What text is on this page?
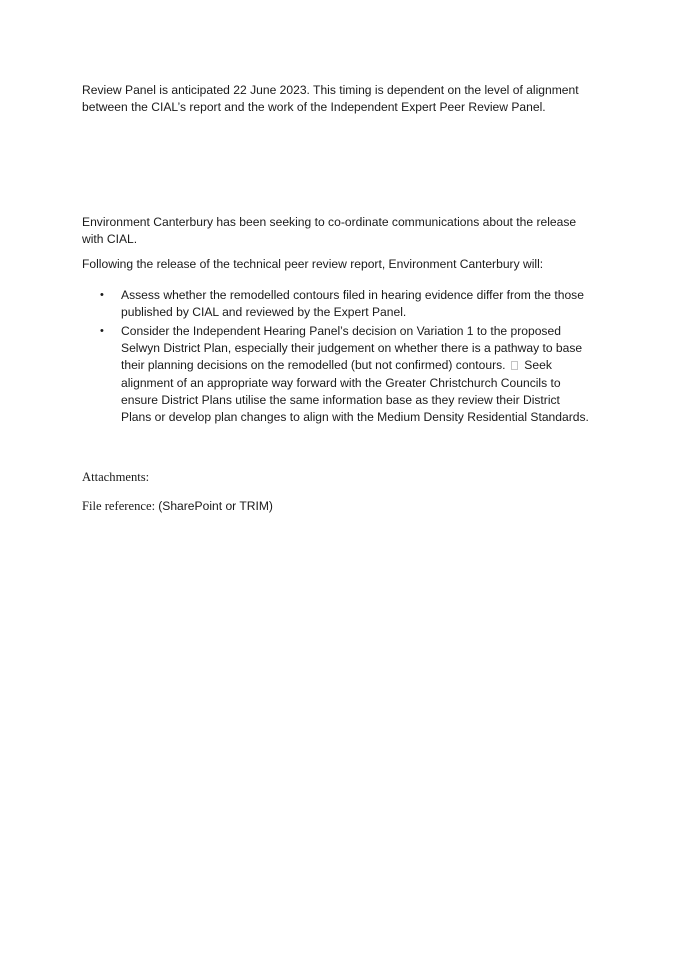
Review Panel is anticipated 22 June 2023. This timing is dependent on the level of alignment between the CIAL’s report and the work of the Independent Expert Peer Review Panel.

Environment Canterbury has been seeking to co-ordinate communications about the release with CIAL.

Following the release of the technical peer review report, Environment Canterbury will:

• Assess whether the remodelled contours filed in hearing evidence differ from the those published by CIAL and reviewed by the Expert Panel.
• Consider the Independent Hearing Panel’s decision on Variation 1 to the proposed Selwyn District Plan, especially their judgement on whether there is a pathway to base their planning decisions on the remodelled (but not confirmed) contours. Seek alignment of an appropriate way forward with the Greater Christchurch Councils to ensure District Plans utilise the same information base as they review their District Plans or develop plan changes to align with the Medium Density Residential Standards.

Attachments:

File reference: (SharePoint or TRIM)
